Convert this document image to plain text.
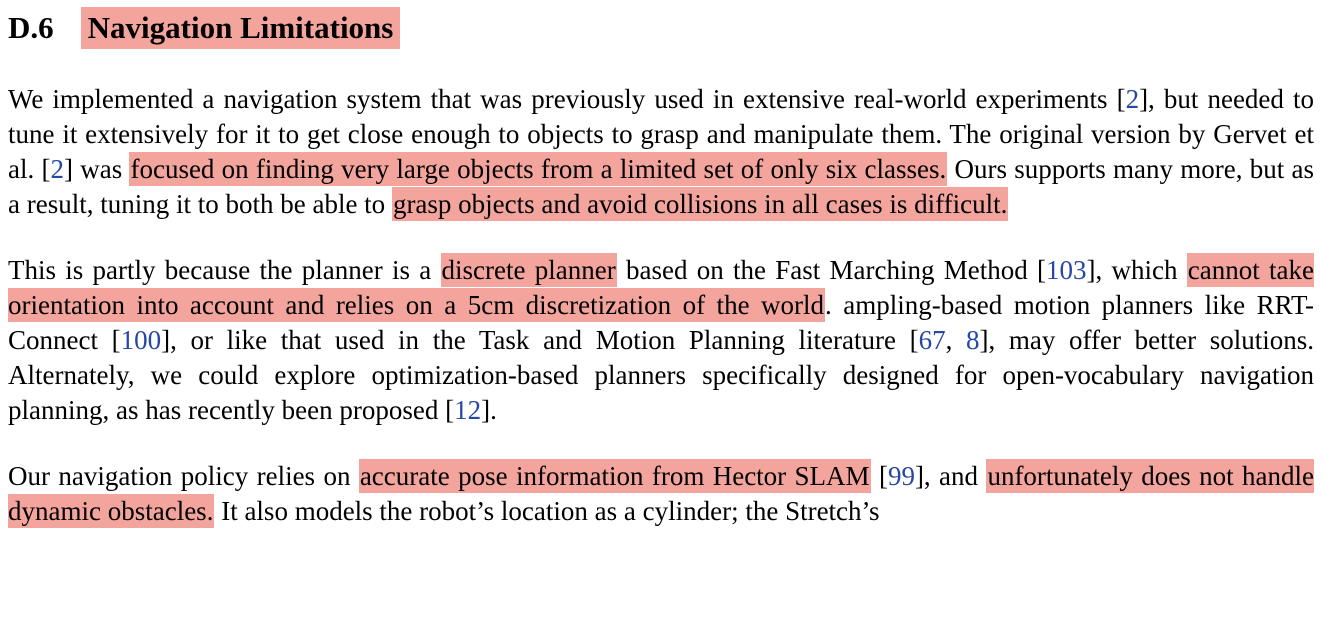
D.6 Navigation Limitations

We implemented a navigation system that was previously used in extensive real-world experiments [2], but needed to tune it extensively for it to get close enough to objects to grasp and manipulate them. The original version by Gervet et al. [2] was focused on finding very large objects from a limited set of only six classes. Ours supports many more, but as a result, tuning it to both be able to grasp objects and avoid collisions in all cases is difficult.

This is partly because the planner is a discrete planner based on the Fast Marching Method [103], which cannot take orientation into account and relies on a 5cm discretization of the world. ampling-based motion planners like RRT-Connect [100], or like that used in the Task and Motion Planning literature [67, 8], may offer better solutions. Alternately, we could explore optimization-based planners specifically designed for open-vocabulary navigation planning, as has recently been proposed [12].

Our navigation policy relies on accurate pose information from Hector SLAM [99], and unfortunately does not handle dynamic obstacles. It also models the robot’s location as a cylinder; the Stretch’s
